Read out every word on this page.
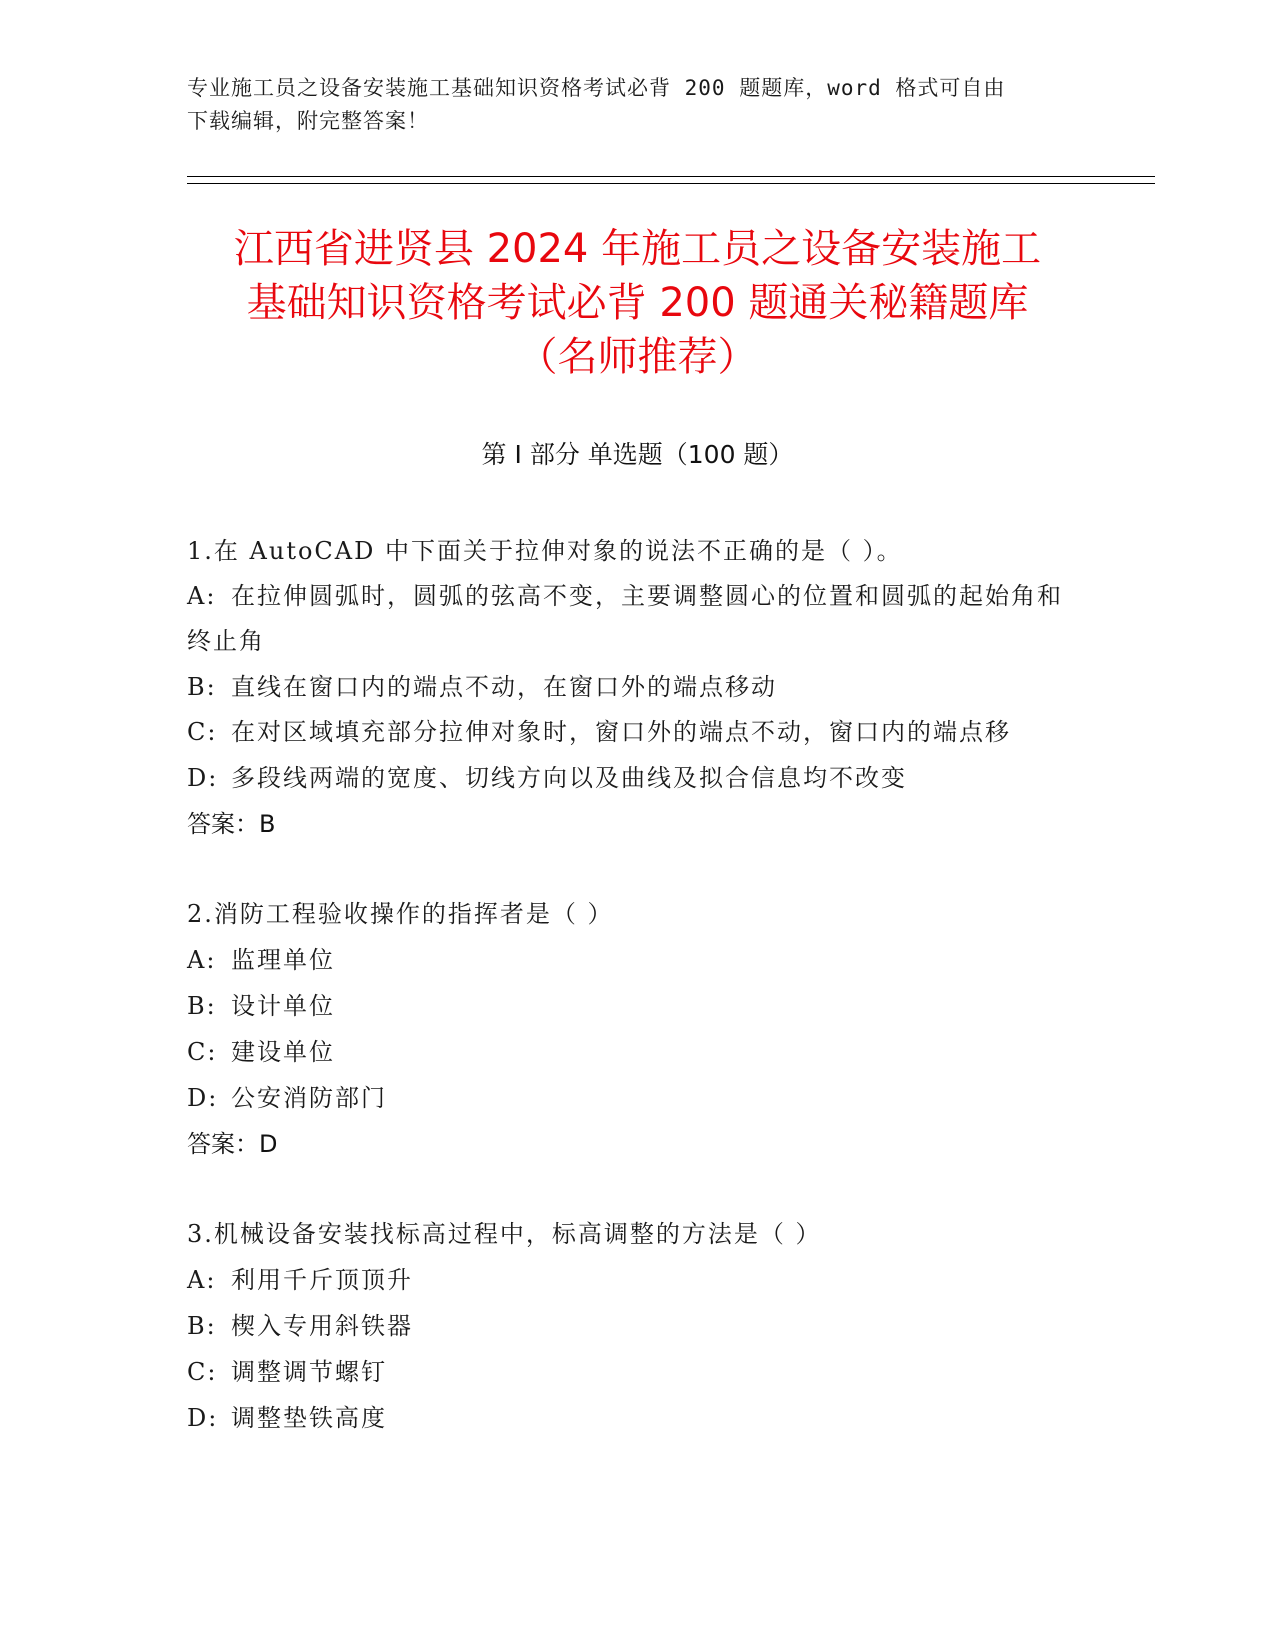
专业施工员之设备安装施工基础知识资格考试必背 200 题题库，word 格式可自由
下载编辑，附完整答案！
江西省进贤县 2024 年施工员之设备安装施工
基础知识资格考试必背 200 题通关秘籍题库
（名师推荐）
第 I 部分 单选题（100 题）
1.在 AutoCAD 中下面关于拉伸对象的说法不正确的是（ ）。
A: 在拉伸圆弧时，圆弧的弦高不变，主要调整圆心的位置和圆弧的起始角和终止角
B: 直线在窗口内的端点不动，在窗口外的端点移动
C: 在对区域填充部分拉伸对象时，窗口外的端点不动，窗口内的端点移
D: 多段线两端的宽度、切线方向以及曲线及拟合信息均不改变
答案：B
2.消防工程验收操作的指挥者是（ ）
A: 监理单位
B: 设计单位
C: 建设单位
D: 公安消防部门
答案：D
3.机械设备安装找标高过程中，标高调整的方法是（ ）
A: 利用千斤顶顶升
B: 楔入专用斜铁器
C: 调整调节螺钉
D: 调整垫铁高度
